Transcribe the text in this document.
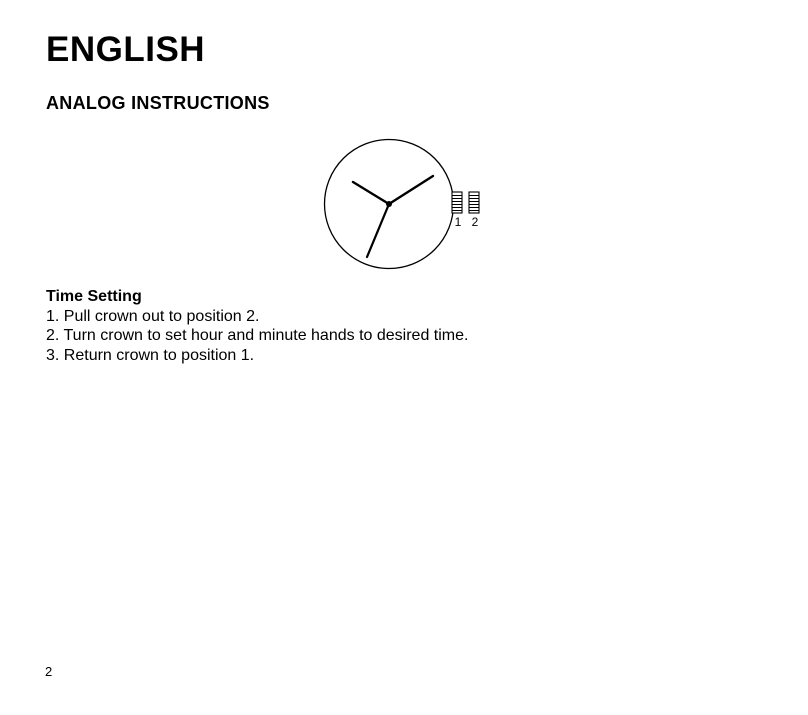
ENGLISH
ANALOG INSTRUCTIONS
1 2

Time Setting

1. Pull crown out to position 2.

2. Turn crown to set hour and minute hands to desired time.

3. Return crown to position 1.

2
